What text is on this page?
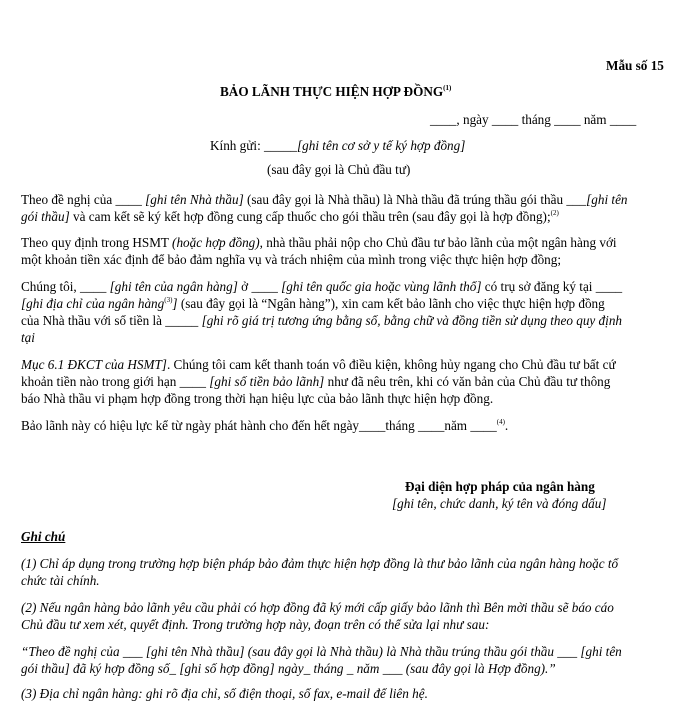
Mẫu số 15
BẢO LÃNH THỰC HIỆN HỢP ĐỒNG$^{(1)}$
____, ngày ____ tháng ____ năm ____
Kính gửi: _____[ghi tên cơ sở y tế ký hợp đồng]
(sau đây gọi là Chủ đầu tư)
Theo đề nghị của ____ [ghi tên Nhà thầu] (sau đây gọi là Nhà thầu) là Nhà thầu đã trúng thầu gói thầu ___[ghi tên
gói thầu] và cam kết sẽ ký kết hợp đồng cung cấp thuốc cho gói thầu trên (sau đây gọi là hợp đồng);$^{(2)}$
Theo quy định trong HSMT (hoặc hợp đồng), nhà thầu phải nộp cho Chủ đầu tư bảo lãnh của một ngân hàng với
một khoản tiền xác định để bảo đảm nghĩa vụ và trách nhiệm của mình trong việc thực hiện hợp đồng;
Chúng tôi, ____ [ghi tên của ngân hàng] ở ____ [ghi tên quốc gia hoặc vùng lãnh thổ] có trụ sở đăng ký tại ____
[ghi địa chỉ của ngân hàng$^{(3)}$] (sau đây gọi là “Ngân hàng”), xin cam kết bảo lãnh cho việc thực hiện hợp đồng
của Nhà thầu với số tiền là _____ [ghi rõ giá trị tương ứng bằng số, bằng chữ và đồng tiền sử dụng theo quy định
tại
Mục 6.1 ĐKCT của HSMT]. Chúng tôi cam kết thanh toán vô điều kiện, không hủy ngang cho Chủ đầu tư bất cứ
khoản tiền nào trong giới hạn ____ [ghi số tiền bảo lãnh] như đã nêu trên, khi có văn bản của Chủ đầu tư thông
báo Nhà thầu vi phạm hợp đồng trong thời hạn hiệu lực của bảo lãnh thực hiện hợp đồng.
Bảo lãnh này có hiệu lực kể từ ngày phát hành cho đến hết ngày____tháng ____năm ____$^{(4)}$.
Đại diện hợp pháp của ngân hàng
[ghi tên, chức danh, ký tên và đóng dấu]
Ghi chú
(1) Chỉ áp dụng trong trường hợp biện pháp bảo đảm thực hiện hợp đồng là thư bảo lãnh của ngân hàng hoặc tổ
chức tài chính.
(2) Nếu ngân hàng bảo lãnh yêu cầu phải có hợp đồng đã ký mới cấp giấy bảo lãnh thì Bên mời thầu sẽ báo cáo
Chủ đầu tư xem xét, quyết định. Trong trường hợp này, đoạn trên có thể sửa lại như sau:
“Theo đề nghị của ___ [ghi tên Nhà thầu] (sau đây gọi là Nhà thầu) là Nhà thầu trúng thầu gói thầu ___ [ghi tên
gói thầu] đã ký hợp đồng số_ [ghi số hợp đồng] ngày_ tháng _ năm ___ (sau đây gọi là Hợp đồng).”
(3) Địa chỉ ngân hàng: ghi rõ địa chỉ, số điện thoại, số fax, e-mail để liên hệ.
